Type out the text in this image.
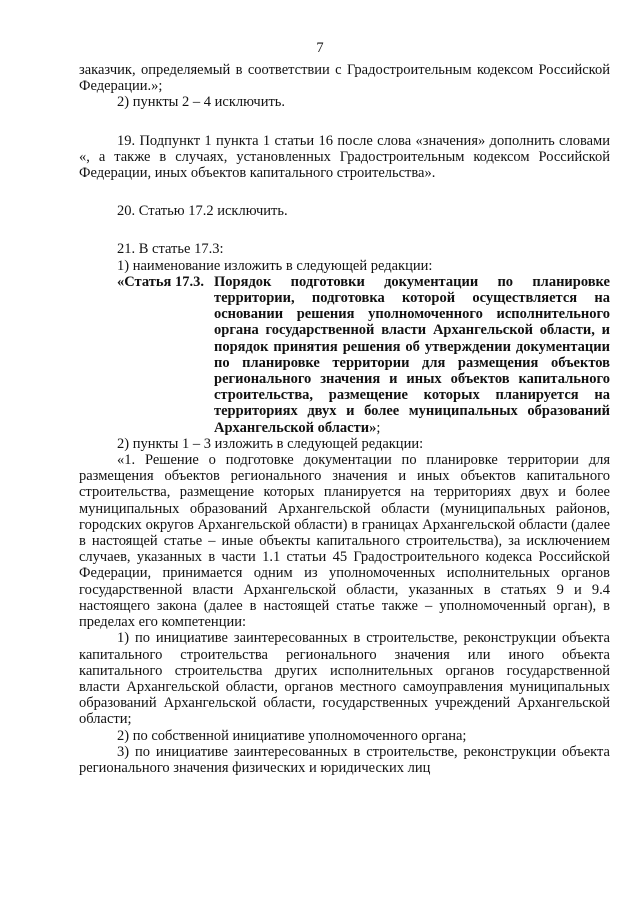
7

заказчик, определяемый в соответствии с Градостроительным кодексом Российской Федерации.»;

2) пункты 2 – 4 исключить.

19. Подпункт 1 пункта 1 статьи 16 после слова «значения» дополнить словами «, а также в случаях, установленных Градостроительным кодексом Российской Федерации, иных объектов капитального строительства».

20. Статью 17.2 исключить.

21. В статье 17.3:

1) наименование изложить в следующей редакции:

«Статья 17.3. Порядок подготовки документации по планировке территории, подготовка которой осуществляется на основании решения уполномоченного исполнительного органа государственной власти Архангельской области, и порядок принятия решения об утверждении документации по планировке территории для размещения объектов регионального значения и иных объектов капитального строительства, размещение которых планируется на территориях двух и более муниципальных образований Архангельской области»;

2) пункты 1 – 3 изложить в следующей редакции:

«1. Решение о подготовке документации по планировке территории для размещения объектов регионального значения и иных объектов капитального строительства, размещение которых планируется на территориях двух и более муниципальных образований Архангельской области (муниципальных районов, городских округов Архангельской области) в границах Архангельской области (далее в настоящей статье – иные объекты капитального строительства), за исключением случаев, указанных в части 1.1 статьи 45 Градостроительного кодекса Российской Федерации, принимается одним из уполномоченных исполнительных органов государственной власти Архангельской области, указанных в статьях 9 и 9.4 настоящего закона (далее в настоящей статье также – уполномоченный орган), в пределах его компетенции:

1) по инициативе заинтересованных в строительстве, реконструкции объекта капитального строительства регионального значения или иного объекта капитального строительства других исполнительных органов государственной власти Архангельской области, органов местного самоуправления муниципальных образований Архангельской области, государственных учреждений Архангельской области;

2) по собственной инициативе уполномоченного органа;

3) по инициативе заинтересованных в строительстве, реконструкции объекта регионального значения физических и юридических лиц
